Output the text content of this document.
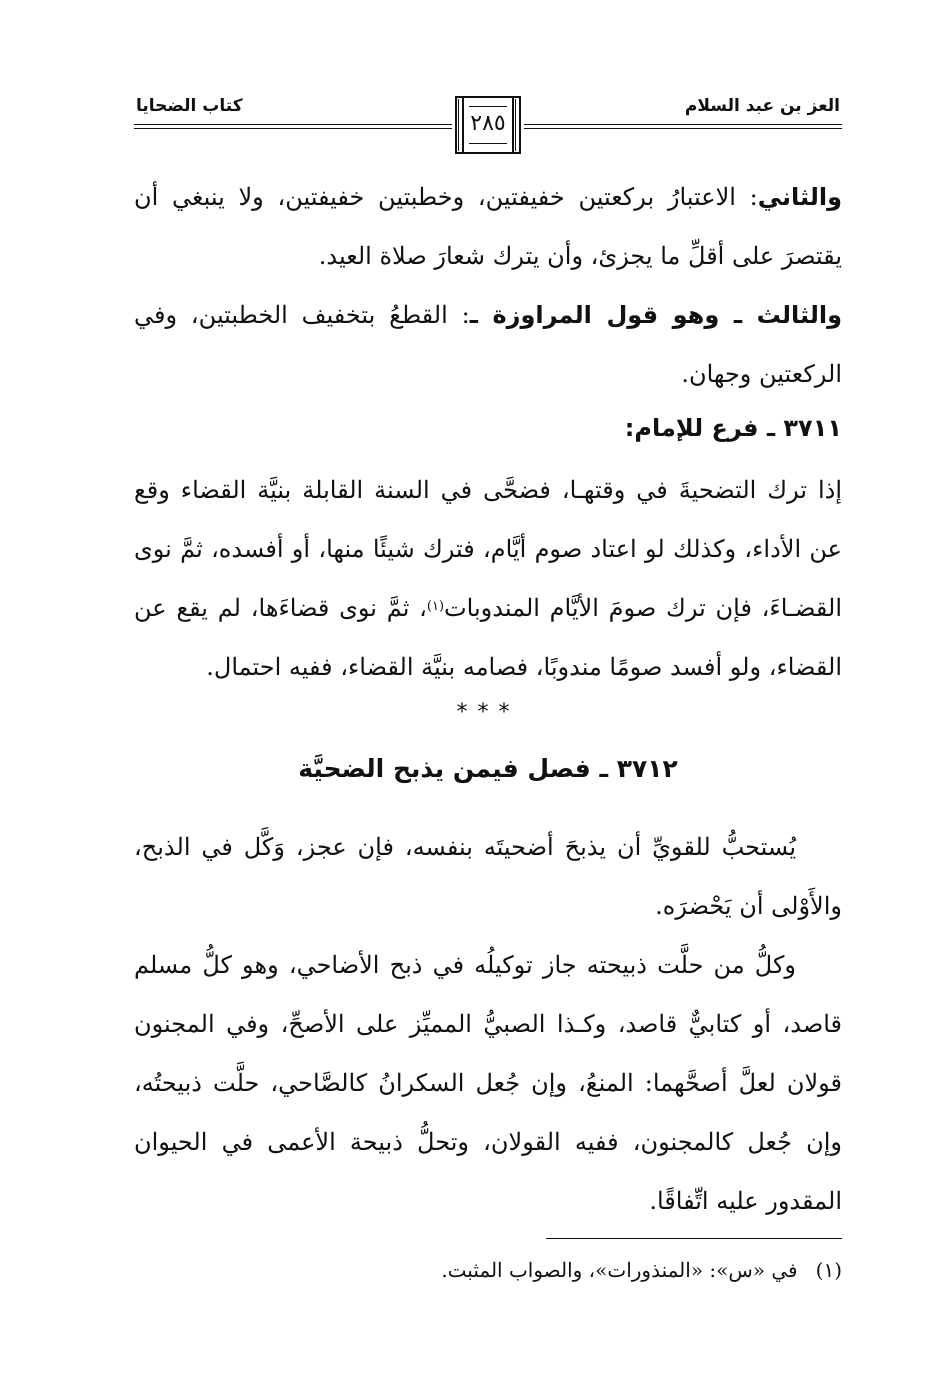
كتاب الضحايا	العز بن عبد السلام
٢٨٥
والثاني: الاعتبارُ بركعتين خفيفتين، وخطبتين خفيفتين، ولا ينبغي أن يقتصرَ على أقلِّ ما يجزئ، وأن يترك شعارَ صلاة العيد.
والثالث ـ وهو قول المراوزة ـ: القطعُ بتخفيف الخطبتين، وفي الركعتين وجهان.
٣٧١١ ـ فرع للإمام:
إذا ترك التضحيةَ في وقتهـا، فضحَّى في السنة القابلة بنيَّة القضاء وقع عن الأداء، وكذلك لو اعتاد صوم أيَّام، فترك شيئًا منها، أو أفسده، ثمَّ نوى القضـاءَ، فإن ترك صومَ الأيَّام المندوبات$^{(١)}$، ثمَّ نوى قضاءَها، لم يقع عن القضاء، ولو أفسد صومًا مندوبًا، فصامه بنيَّة القضاء، ففيه احتمال.
***
٣٧١٢ ـ فصل فيمن يذبح الضحيَّة
يُستحبُّ للقويِّ أن يذبحَ أضحيتَه بنفسه، فإن عجز، وَكَّل في الذبح، والأَوْلى أن يَحْضرَه.
وكلُّ من حلَّت ذبيحته جاز توكيلُه في ذبح الأضاحي، وهو كلُّ مسلم قاصد، أو كتابيٌّ قاصد، وكـذا الصبيُّ المميِّز على الأصحِّ، وفي المجنون قولان لعلَّ أصحَّهما: المنعُ، وإن جُعل السكرانُ كالصَّاحي، حلَّت ذبيحتُه، وإن جُعل كالمجنون، ففيه القولان، وتحلُّ ذبيحة الأعمى في الحيوان المقدور عليه اتِّفاقًا.
(١)في «س»: «المنذورات»، والصواب المثبت.
